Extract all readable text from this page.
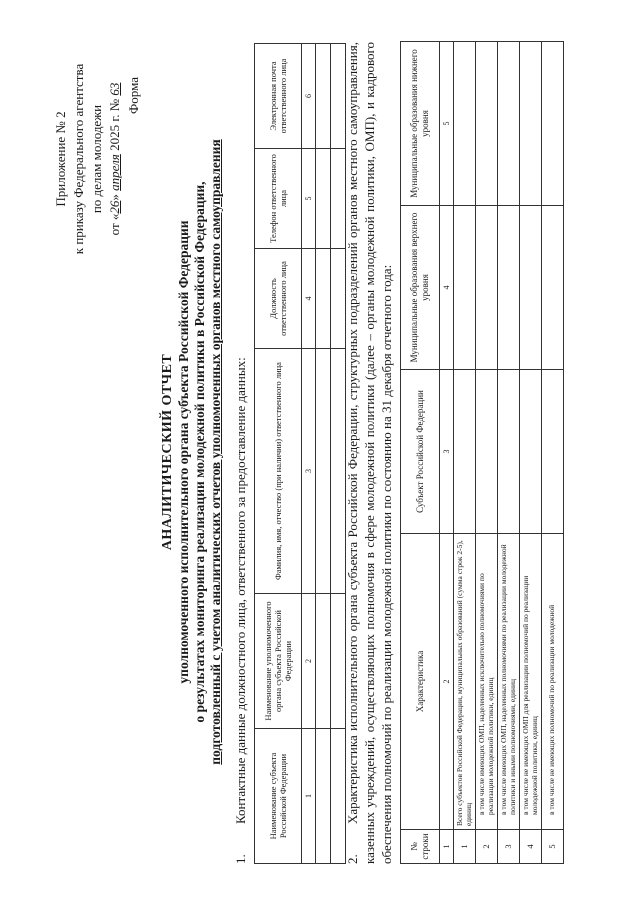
Приложение № 2 к приказу Федерального агентства по делам молодежи
от «26» апреля 2025 г. № 63 Форма
АНАЛИТИЧЕСКИЙ ОТЧЕТ уполномоченного исполнительного органа субъекта Российской Федерации о результатах мониторинга реализации молодежной политики в Российской Федерации, подготовленный с учетом аналитических отчетов уполномоченных органов местного самоуправления
1.Контактные данные должностного лица, ответственного за предоставление данных: Наименование субъекта Российской Федерации	Наименование уполномоченного органа субъекта Российской Федерации	Фамилия, имя, отчество (при наличии) ответственного лица	Должность ответственного лица	Телефон ответственного лица	Электронная почта ответственного лица
1	2	3	4	5	6

2.Характеристика исполнительного органа субъекта Российской Федерации, структурных подразделений органов местного самоуправления, казенных учреждений, осуществляющих полномочия в сфере молодежной политики (далее – органы молодежной политики, ОМП), и кадрового обеспечения полномочий по реализации молодежной политики по состоянию на 31 декабря отчетного года: № строки	Характеристика	Субъект Российской Федерации	Муниципальные образования верхнего уровня	Муниципальные образования нижнего уровня
1	2	3	4	5
1	Всего субъектов Российской Федерации, муниципальных образований (сумма строк 2-5), единиц			
2	в том числе имеющих ОМП, наделенных исключительно полномочиями по реализации молодежной политики, единиц			
3	в том числе имеющих ОМП, наделенных полномочиями по реализации молодежной политики и иными полномочиями, единиц			
4	в том числе не имеющих ОМП для реализации полномочий по реализации молодежной политики, единиц			
5	в том числе не имеющих полномочий по реализации молодежной			
